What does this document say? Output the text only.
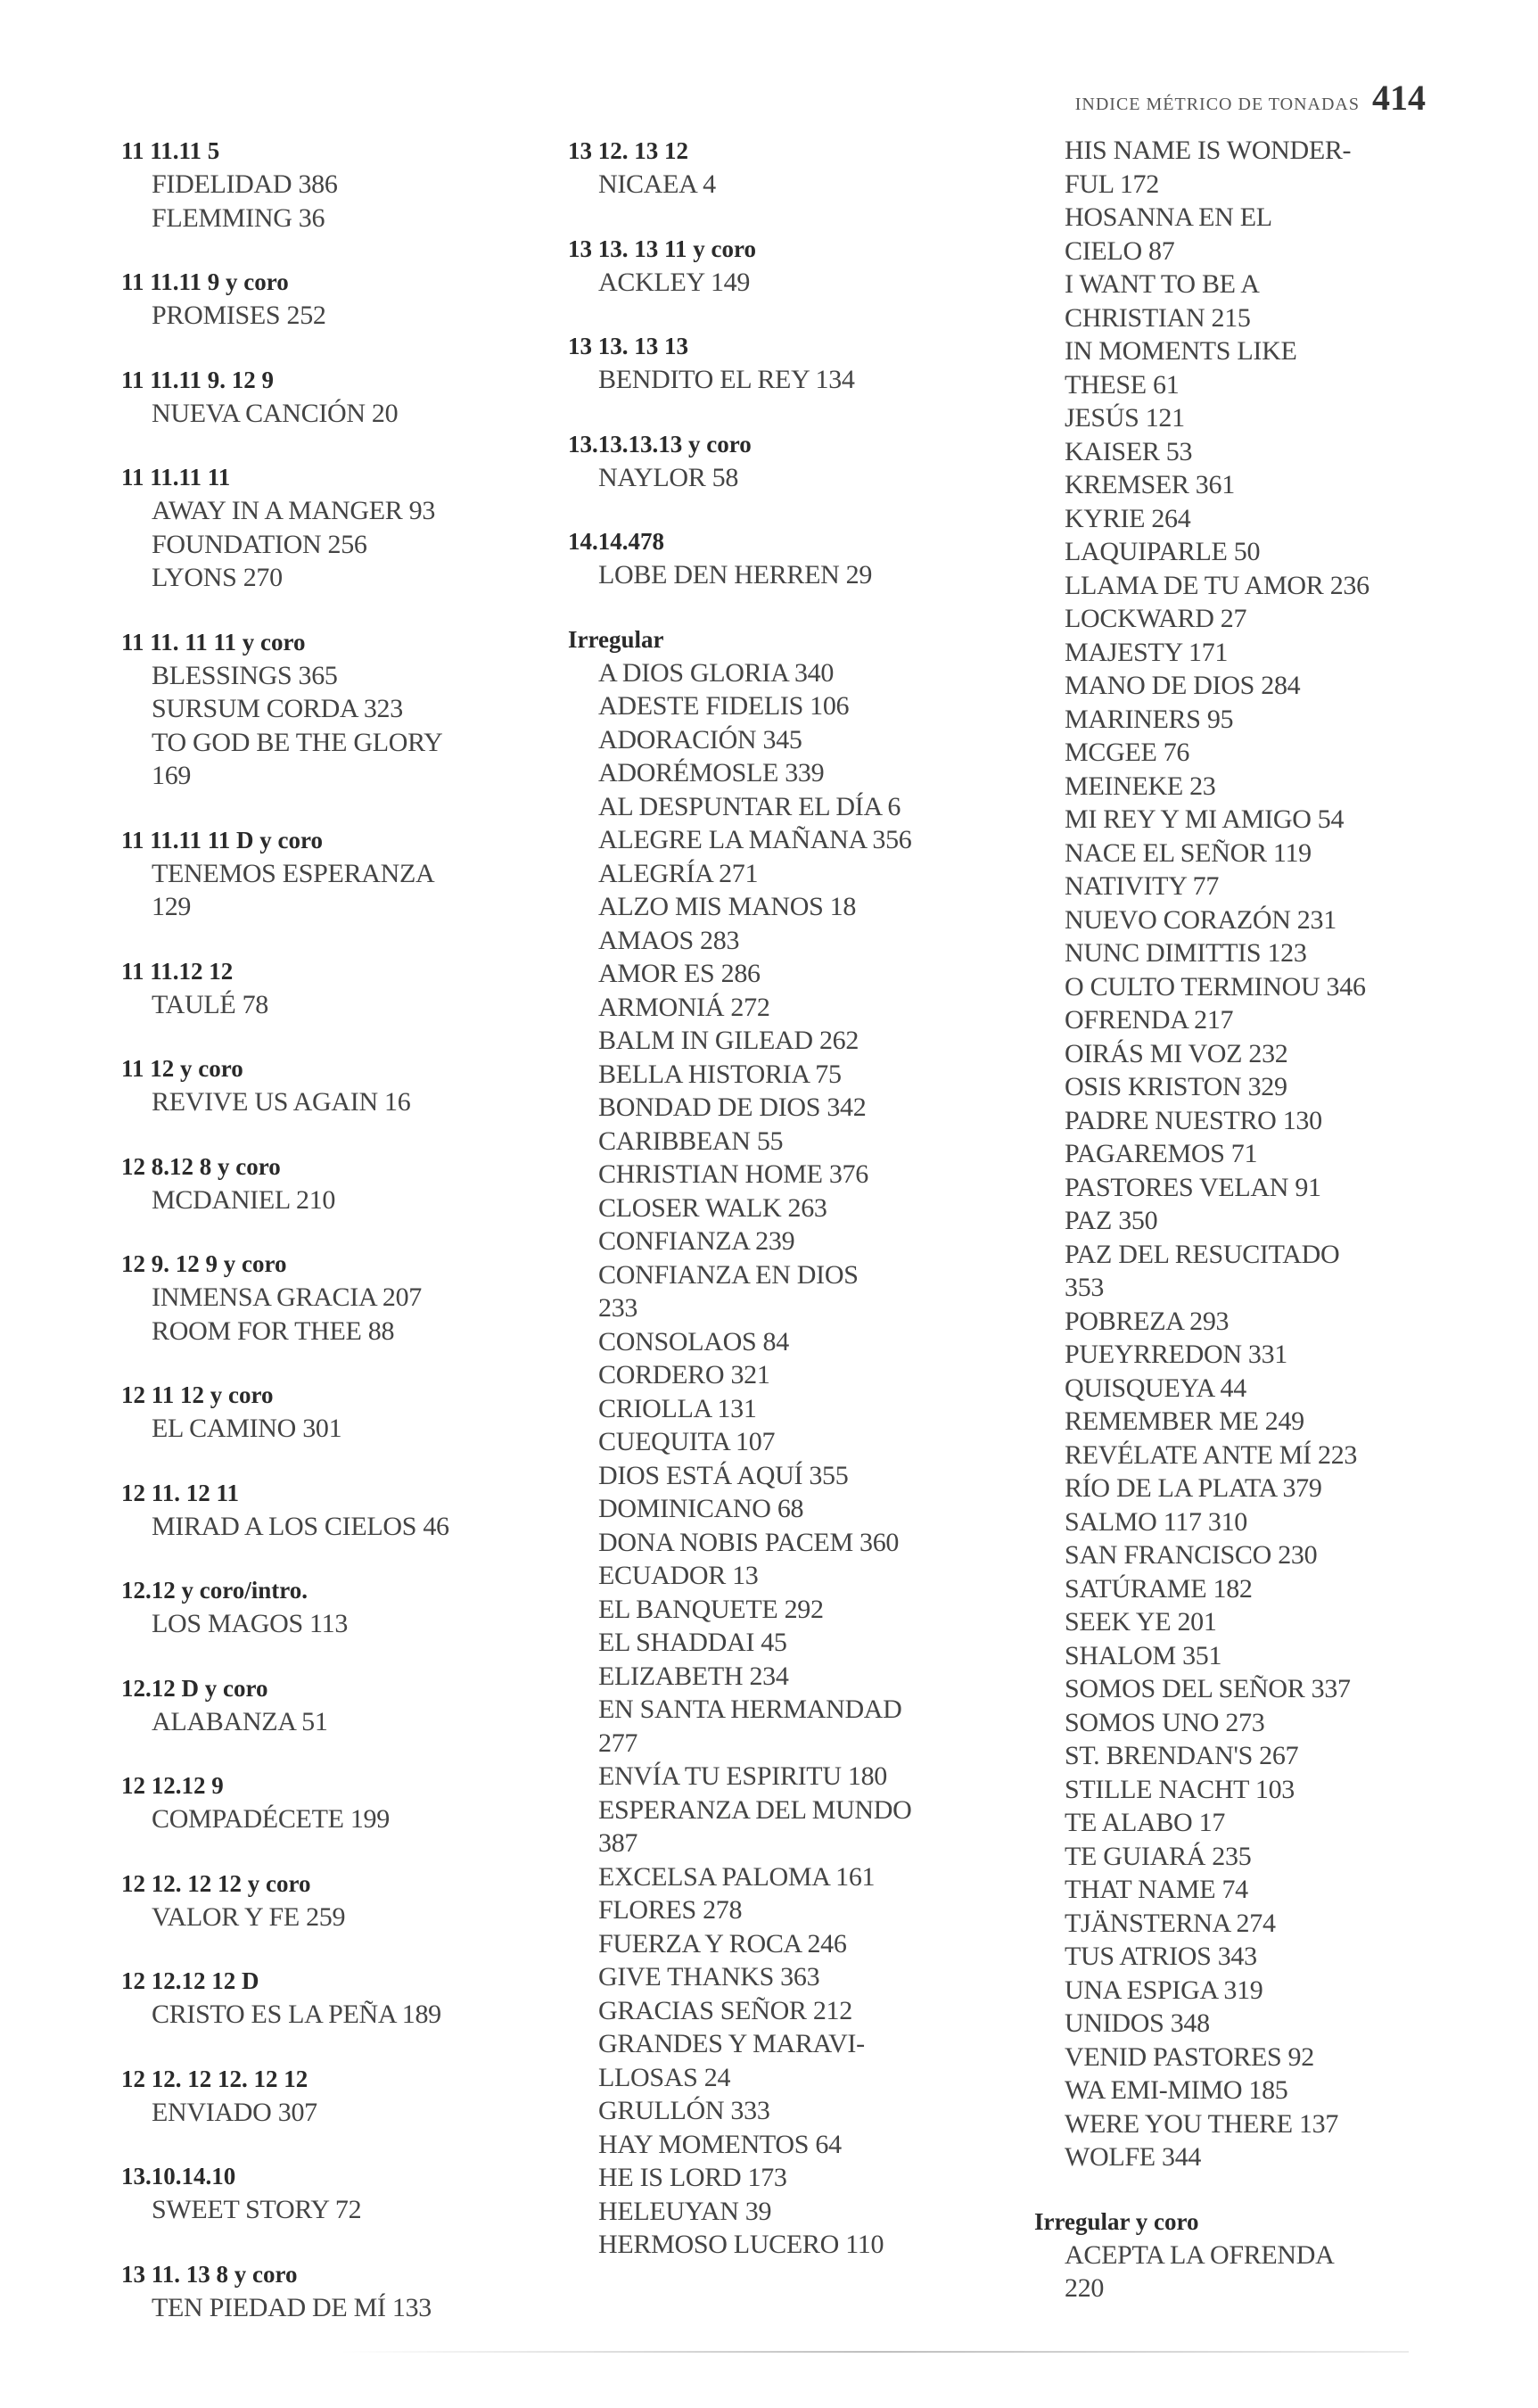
INDICE MÉTRICO DE TONADAS 414
11 11.11 5
FIDELIDAD 386
FLEMMING 36
11 11.11 9 y coro
PROMISES 252
11 11.11 9. 12 9
NUEVA CANCIÓN 20
11 11.11 11
AWAY IN A MANGER 93
FOUNDATION 256
LYONS 270
11 11. 11 11 y coro
BLESSINGS 365
SURSUM CORDA 323
TO GOD BE THE GLORY
169
11 11.11 11 D y coro
TENEMOS ESPERANZA
129
11 11.12 12
TAULÉ 78
11 12 y coro
REVIVE US AGAIN 16
12 8.12 8 y coro
MCDANIEL 210
12 9. 12 9 y coro
INMENSA GRACIA 207
ROOM FOR THEE 88
12 11 12 y coro
EL CAMINO 301
12 11. 12 11
MIRAD A LOS CIELOS 46
12.12 y coro/intro.
LOS MAGOS 113
12.12 D y coro
ALABANZA 51
12 12.12 9
COMPADÉCETE 199
12 12. 12 12 y coro
VALOR Y FE 259
12 12.12 12 D
CRISTO ES LA PEÑA 189
12 12. 12 12. 12 12
ENVIADO 307
13.10.14.10
SWEET STORY 72
13 11. 13 8 y coro
TEN PIEDAD DE MÍ 133
13 12. 13 12
NICAEA 4
13 13. 13 11 y coro
ACKLEY 149
13 13. 13 13
BENDITO EL REY 134
13.13.13.13 y coro
NAYLOR 58
14.14.478
LOBE DEN HERREN 29
Irregular
A DIOS GLORIA 340
ADESTE FIDELIS 106
ADORACIÓN 345
ADORÉMOSLE 339
AL DESPUNTAR EL DÍA 6
ALEGRE LA MAÑANA 356
ALEGRÍA 271
ALZO MIS MANOS 18
AMAOS 283
AMOR ES 286
ARMONIÁ 272
BALM IN GILEAD 262
BELLA HISTORIA 75
BONDAD DE DIOS 342
CARIBBEAN 55
CHRISTIAN HOME 376
CLOSER WALK 263
CONFIANZA 239
CONFIANZA EN DIOS
233
CONSOLAOS 84
CORDERO 321
CRIOLLA 131
CUEQUITA 107
DIOS ESTÁ AQUÍ 355
DOMINICANO 68
DONA NOBIS PACEM 360
ECUADOR 13
EL BANQUETE 292
EL SHADDAI 45
ELIZABETH 234
EN SANTA HERMANDAD
277
ENVÍA TU ESPIRITU 180
ESPERANZA DEL MUNDO
387
EXCELSA PALOMA 161
FLORES 278
FUERZA Y ROCA 246
GIVE THANKS 363
GRACIAS SEÑOR 212
GRANDES Y MARAVI-
LLOSAS 24
GRULLÓN 333
HAY MOMENTOS 64
HE IS LORD 173
HELEUYAN 39
HERMOSO LUCERO 110
HIS NAME IS WONDER-
FUL 172
HOSANNA EN EL
CIELO 87
I WANT TO BE A
CHRISTIAN 215
IN MOMENTS LIKE
THESE 61
JESÚS 121
KAISER 53
KREMSER 361
KYRIE 264
LAQUIPARLE 50
LLAMA DE TU AMOR 236
LOCKWARD 27
MAJESTY 171
MANO DE DIOS 284
MARINERS 95
MCGEE 76
MEINEKE 23
MI REY Y MI AMIGO 54
NACE EL SEÑOR 119
NATIVITY 77
NUEVO CORAZÓN 231
NUNC DIMITTIS 123
O CULTO TERMINOU 346
OFRENDA 217
OIRÁS MI VOZ 232
OSIS KRISTON 329
PADRE NUESTRO 130
PAGAREMOS 71
PASTORES VELAN 91
PAZ 350
PAZ DEL RESUCITADO
353
POBREZA 293
PUEYRREDON 331
QUISQUEYA 44
REMEMBER ME 249
REVÉLATE ANTE MÍ 223
RÍO DE LA PLATA 379
SALMO 117 310
SAN FRANCISCO 230
SATÚRAME 182
SEEK YE 201
SHALOM 351
SOMOS DEL SEÑOR 337
SOMOS UNO 273
ST. BRENDAN'S 267
STILLE NACHT 103
TE ALABO 17
TE GUIARÁ 235
THAT NAME 74
TJÄNSTERNA 274
TUS ATRIOS 343
UNA ESPIGA 319
UNIDOS 348
VENID PASTORES 92
WA EMI-MIMO 185
WERE YOU THERE 137
WOLFE 344
Irregular y coro
ACEPTA LA OFRENDA
220
